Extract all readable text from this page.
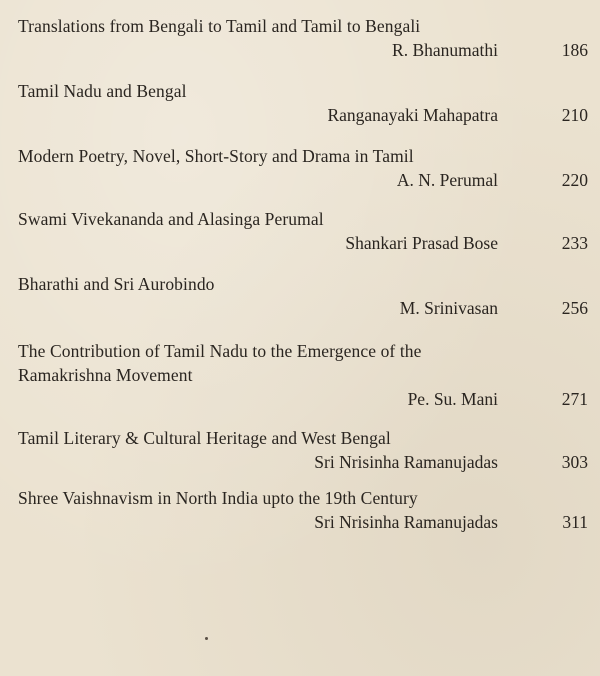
Translations from Bengali to Tamil and Tamil to Bengali
R. Bhanumathi	186
Tamil Nadu and Bengal
Ranganayaki Mahapatra	210
Modern Poetry, Novel, Short-Story and Drama in Tamil
A. N. Perumal	220
Swami Vivekananda and Alasinga Perumal
Shankari Prasad Bose	233
Bharathi and Sri Aurobindo
M. Srinivasan	256
The Contribution of Tamil Nadu to the Emergence of the
Ramakrishna Movement
Pe. Su. Mani	271
Tamil Literary & Cultural Heritage and West Bengal
Sri Nrisinha Ramanujadas	303
Shree Vaishnavism in North India upto the 19th Century
Sri Nrisinha Ramanujadas	311
